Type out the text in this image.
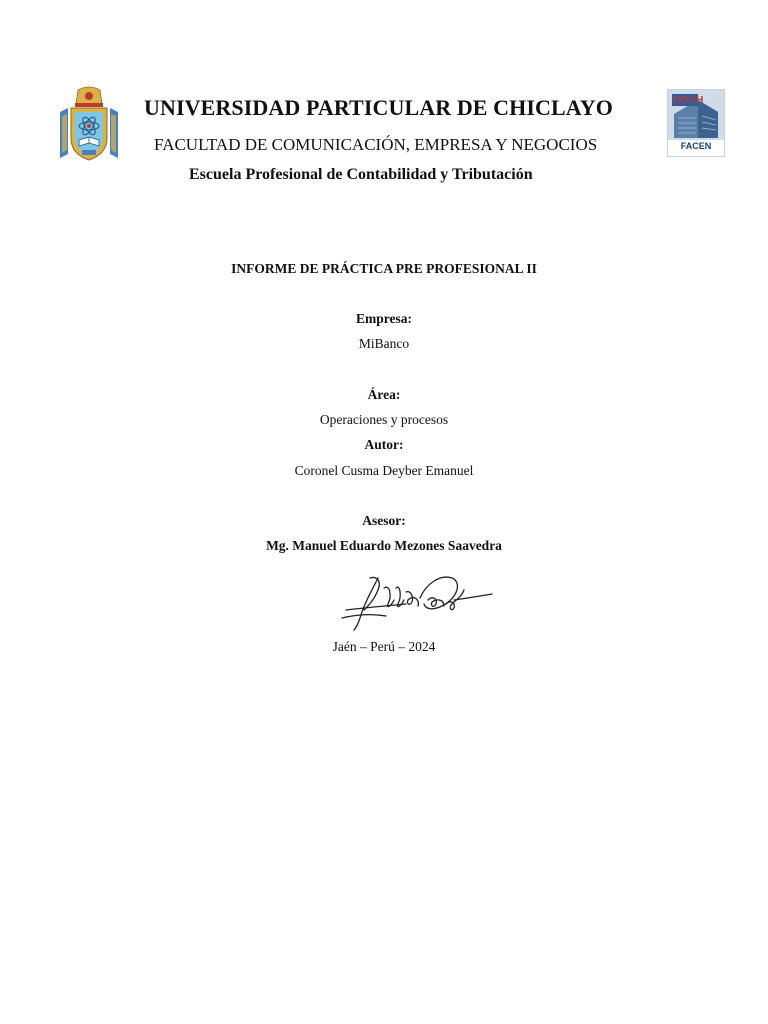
UDCH
FACEN
UNIVERSIDAD PARTICULAR DE CHICLAYO
FACULTAD DE COMUNICACIÓN, EMPRESA Y NEGOCIOS
Escuela Profesional de Contabilidad y Tributación
INFORME DE PRÁCTICA PRE PROFESIONAL II
Empresa:
MiBanco
Área:
Operaciones y procesos
Autor:
Coronel Cusma Deyber Emanuel
Asesor:
Mg. Manuel Eduardo Mezones Saavedra
Jaén – Perú – 2024
